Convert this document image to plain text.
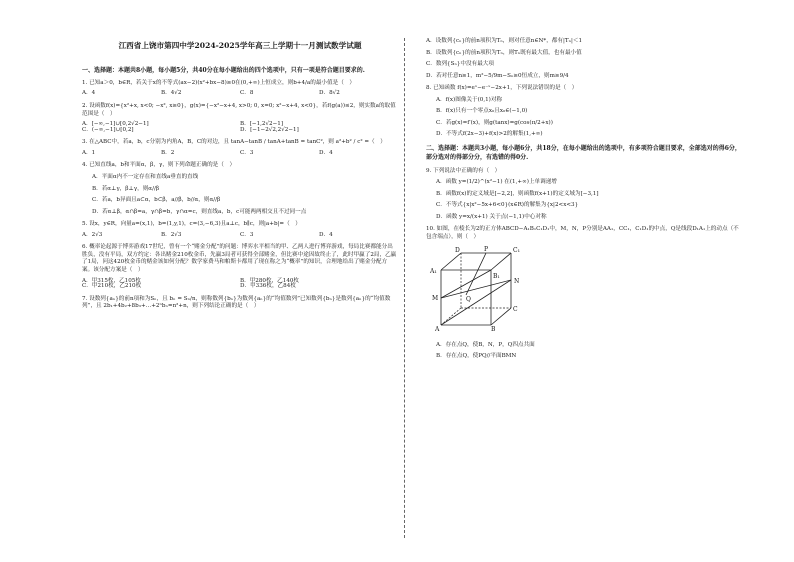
江西省上饶市第四中学2024-2025学年高三上学期十一月测试数学试题
一、选择题：本题共8小题，每小题5分，共40分在每小题给出的四个选项中，只有一项是符合题目要求的.
1. 已知a＞0，b∈R，若关于x的不等式(ax−2)(x²+bx−8)≥0在(0,+∞)上恒成立，则b+4/a的最小值是（　）
A．4	B．4√2	C．8	D．8√2
2. 设函数f(x)={x²+x, x<0; −x², x≥0}，g(x)={−x²−x+4, x>0; 0, x=0; x²−x+4, x<0}，若f(g(a))≤2，则实数a的取值范围是（　）
A．[−∞,−1]∪[0,2√2−1]	B．[−1,2√2−1]
C．(−∞,−1]∪[0,2]	D．[−1−2√2,2√2−1]
3. 在△ABC中，若a，b，c分别为内角A，B，C的对边，且 tanA−tanB / tanA+tanB = tanC²，则 a²+b² / c² =（　）
A．1	B．2	C．3	D．4
4. 已知直线a，b和平面α，β，γ，则下列命题正确的是（　）
A．平面α内不一定存在和直线a垂直的直线
B．若α⊥γ，β⊥γ，则α//β
C．若a，b异面且a⊂α，b⊂β，a//β，b//α，则α//β
D．若α⊥β，α∩β=a，γ∩β=b，γ∩α=c，则直线a，b，c可能两两相交且不过同一点
5. 设x，y∈R，向量a=(x,1)，b=(1,y,1)，c=(3,−6,3)且a⊥c，b∥c，则|a+b|=（　）
A．2√3	B．2√3	C．3	D．4
6. 概率论起源于博弈游戏17世纪，曾有一个“赌金分配”的问题：博弈水平相当的甲、乙两人进行博弈游戏，每局比赛都能分出胜负，没有平局，双方约定：各出赌金210枚金币，先赢3局者可获得全部赌金，但比赛中途因故终止了，此时甲赢了2局，乙赢了1局，问这420枚金币的赌金该如何分配？数学家费马和帕斯卡都用了现在称之为“概率”的知识，合理地给出了赌金分配方案。该分配方案是（　）
A．甲315枚，乙105枚	B．甲280枚，乙140枚
C．甲210枚，乙210枚	D．甲336枚，乙84枚
7. 设数列{aₙ}的前n项和为Sₙ，且 bₙ = Sₙ/n，则称数列{bₙ}为数列{aₙ}的“均值数列”已知数列{bₙ}是数列{aₙ}的“均值数列”，且 2b₁+4b₂+8b₃+…+2ⁿbₙ=n²+n，则下列结论正确的是（　）
A．设数列{cₙ}的前n项积为Tₙ，则对任意n∈N*，都有|Tₙ|＜1
B．设数列{cₙ}的前n项积为Tₙ，则Tₙ既有最大值，也有最小值
C．数列{Sₙ}中没有最大项
D．若对任意n≥1，m²−5/9m−Sₙ≥0恒成立，则m≥9/4
8. 已知函数 f(x)=eˣ−e⁻ˣ−2x+1，下列说法错误的是（　）
A．f(x)图像关于(0,1)对称
B．f(x)只有一个零点x₀且x₀∈(−1,0)
C．若g(x)=f′(x)，则g(tanx)=g(cos(π/2+x))
D．不等式f(2x−3)+f(x)>2的解集(1,+∞)
二、选择题：本题共3小题，每小题6分，共18分，在每小题给出的选项中，有多项符合题目要求，全部选对的得6分，部分选对的得部分分，有选错的得0分.
9. 下列说法中正确的有（　）
A．函数 y=(1/2)^(x²−1) 在(1,+∞)上单调递增
B．函数f(x)的定义域是[−2,2]，则函数f(x+1)的定义域为[−3,1]
C．不等式{x|x²−5x+6<0}(x∈R)的解集为{x|2<x<3}
D．函数 y=x/(x+1) 关于点(−1,1)中心对称
10. 如图，在棱长为2的正方体ABCD−A₁B₁C₁D₁中，M，N，P分别是AA₁，CC₁，C₁D₁的中点，Q是线段D₁A₁上的动点（不包含端点），则（　）
D	P	C₁
A₁
B₁
N
M	Q
C
A	B
A．存在点Q，使B，N，P，Q四点共面
B．存在点Q，使PQ//平面BMN
